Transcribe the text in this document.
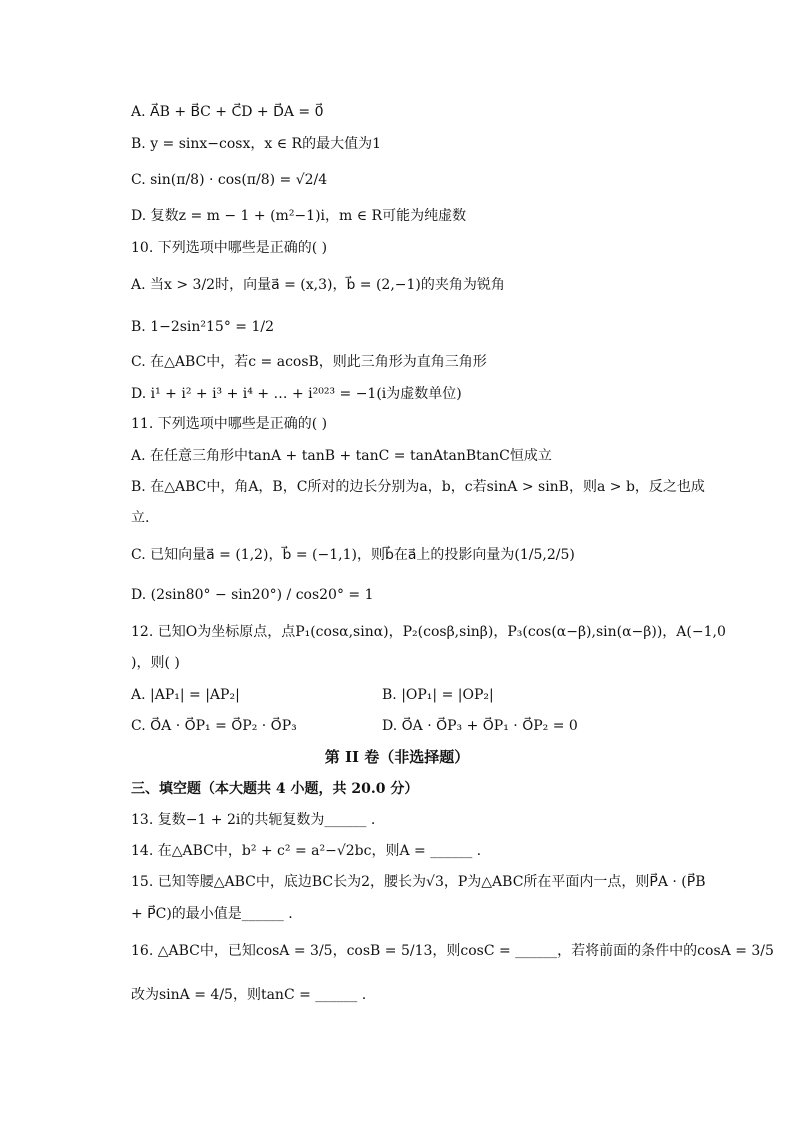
A. A⃗B + B⃗C + C⃗D + D⃗A = 0⃗
B. y = sinx−cosx，x ∈ R的最大值为1
C. sin(π/8) · cos(π/8) = √2/4
D. 复数z = m − 1 + (m²−1)i，m ∈ R可能为纯虚数
10. 下列选项中哪些是正确的( )
A. 当x > 3/2时，向量a⃗ = (x,3)，b⃗ = (2,−1)的夹角为锐角
B. 1−2sin²15° = 1/2
C. 在△ABC中，若c = acosB，则此三角形为直角三角形
D. i¹ + i² + i³ + i⁴ + … + i²⁰²³ = −1(i为虚数单位)
11. 下列选项中哪些是正确的( )
A. 在任意三角形中tanA + tanB + tanC = tanAtanBtanC恒成立
B. 在△ABC中，角A，B，C所对的边长分别为a，b，c若sinA > sinB，则a > b，反之也成
立.
C. 已知向量a⃗ = (1,2)，b⃗ = (−1,1)，则b⃗在a⃗上的投影向量为(1/5,2/5)
D. (2sin80° − sin20°) / cos20° = 1
12. 已知O为坐标原点，点P₁(cosα,sinα)，P₂(cosβ,sinβ)，P₃(cos(α−β),sin(α−β))，A(−1,0
)，则( )
A. |AP₁| = |AP₂|	B. |OP₁| = |OP₂|
C. O⃗A · O⃗P₁ = O⃗P₂ · O⃗P₃	D. O⃗A · O⃗P₃ + O⃗P₁ · O⃗P₂ = 0
第 II 卷（非选择题）
三、填空题（本大题共 4 小题，共 20.0 分）
13. 复数−1 + 2i的共轭复数为______ .
14. 在△ABC中，b² + c² = a²−√2bc，则A = ______ .
15. 已知等腰△ABC中，底边BC长为2，腰长为√3，P为△ABC所在平面内一点，则P⃗A · (P⃗B
+ P⃗C)的最小值是______ .
16. △ABC中，已知cosA = 3/5，cosB = 5/13，则cosC = ______，若将前面的条件中的cosA = 3/5
改为sinA = 4/5，则tanC = ______ .
